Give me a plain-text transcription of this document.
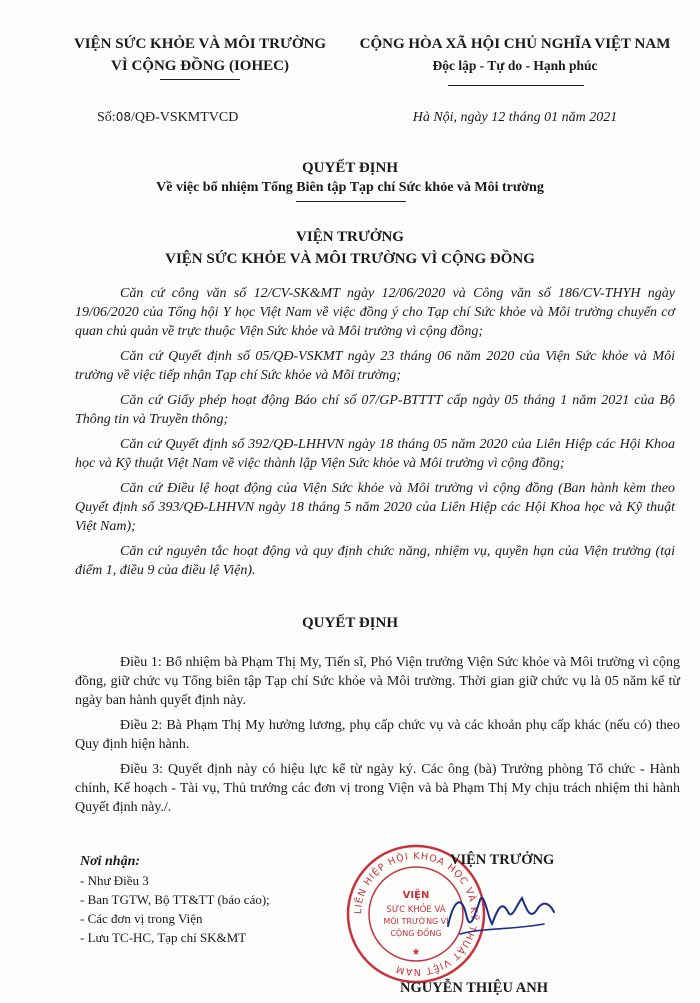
VIỆN SỨC KHỎE VÀ MÔI TRƯỜNG
VÌ CỘNG ĐỒNG (IOHEC)
CỘNG HÒA XÃ HỘI CHỦ NGHĨA VIỆT NAM
Độc lập - Tự do - Hạnh phúc
Số:08/QĐ-VSKMTVCD	Hà Nội, ngày 12 tháng 01 năm 2021
QUYẾT ĐỊNH
Về việc bổ nhiệm Tổng Biên tập Tạp chí Sức khỏe và Môi trường
VIỆN TRƯỞNG
VIỆN SỨC KHỎE VÀ MÔI TRƯỜNG VÌ CỘNG ĐỒNG

Căn cứ công văn số 12/CV-SK&MT ngày 12/06/2020 và Công văn số 186/CV-THYH ngày 19/06/2020 của Tổng hội Y học Việt Nam về việc đồng ý cho Tạp chí Sức khỏe và Môi trường chuyển cơ quan chủ quản về trực thuộc Viện Sức khỏe và Môi trường vì cộng đồng;

Căn cứ Quyết định số 05/QĐ-VSKMT ngày 23 tháng 06 năm 2020 của Viện Sức khỏe và Môi trường về việc tiếp nhận Tạp chí Sức khỏe và Môi trường;

Căn cứ Giấy phép hoạt động Báo chí số 07/GP-BTTTT cấp ngày 05 tháng 1 năm 2021 của Bộ Thông tin và Truyền thông;

Căn cứ Quyết định số 392/QĐ-LHHVN ngày 18 tháng 05 năm 2020 của Liên Hiệp các Hội Khoa học và Kỹ thuật Việt Nam về việc thành lập Viện Sức khỏe và Môi trường vì cộng đồng;

Căn cứ Điều lệ hoạt động của Viện Sức khỏe và Môi trường vì cộng đồng (Ban hành kèm theo Quyết định số 393/QĐ-LHHVN ngày 18 tháng 5 năm 2020 của Liên Hiệp các Hội Khoa học và Kỹ thuật Việt Nam);

Căn cứ nguyên tắc hoạt động và quy định chức năng, nhiệm vụ, quyền hạn của Viện trưởng (tại điểm 1, điều 9 của điều lệ Viện).

QUYẾT ĐỊNH

Điều 1: Bổ nhiệm bà Phạm Thị My, Tiến sĩ, Phó Viện trưởng Viện Sức khỏe và Môi trường vì cộng đồng, giữ chức vụ Tổng biên tập Tạp chí Sức khỏe và Môi trường. Thời gian giữ chức vụ là 05 năm kể từ ngày ban hành quyết định này.

Điều 2: Bà Phạm Thị My hưởng lương, phụ cấp chức vụ và các khoản phụ cấp khác (nếu có) theo Quy định hiện hành.

Điều 3: Quyết định này có hiệu lực kể từ ngày ký. Các ông (bà) Trưởng phòng Tổ chức - Hành chính, Kế hoạch - Tài vụ, Thủ trưởng các đơn vị trong Viện và bà Phạm Thị My chịu trách nhiệm thi hành Quyết định này./.

Nơi nhận:
- Như Điều 3
- Ban TGTW, Bộ TT&TT (báo cáo);
- Các đơn vị trong Viện
- Lưu TC-HC, Tạp chí SK&MT
LIÊN HIỆP HỘI KHOA HỌC VÀ KỸ THUẬT VIỆT NAM
VIỆN
SỨC KHỎE VÀ
MÔI TRƯỜNG VÌ
CỘNG ĐỒNG
★
VIỆN TRƯỞNG
NGUYỄN THIỆU ANH
